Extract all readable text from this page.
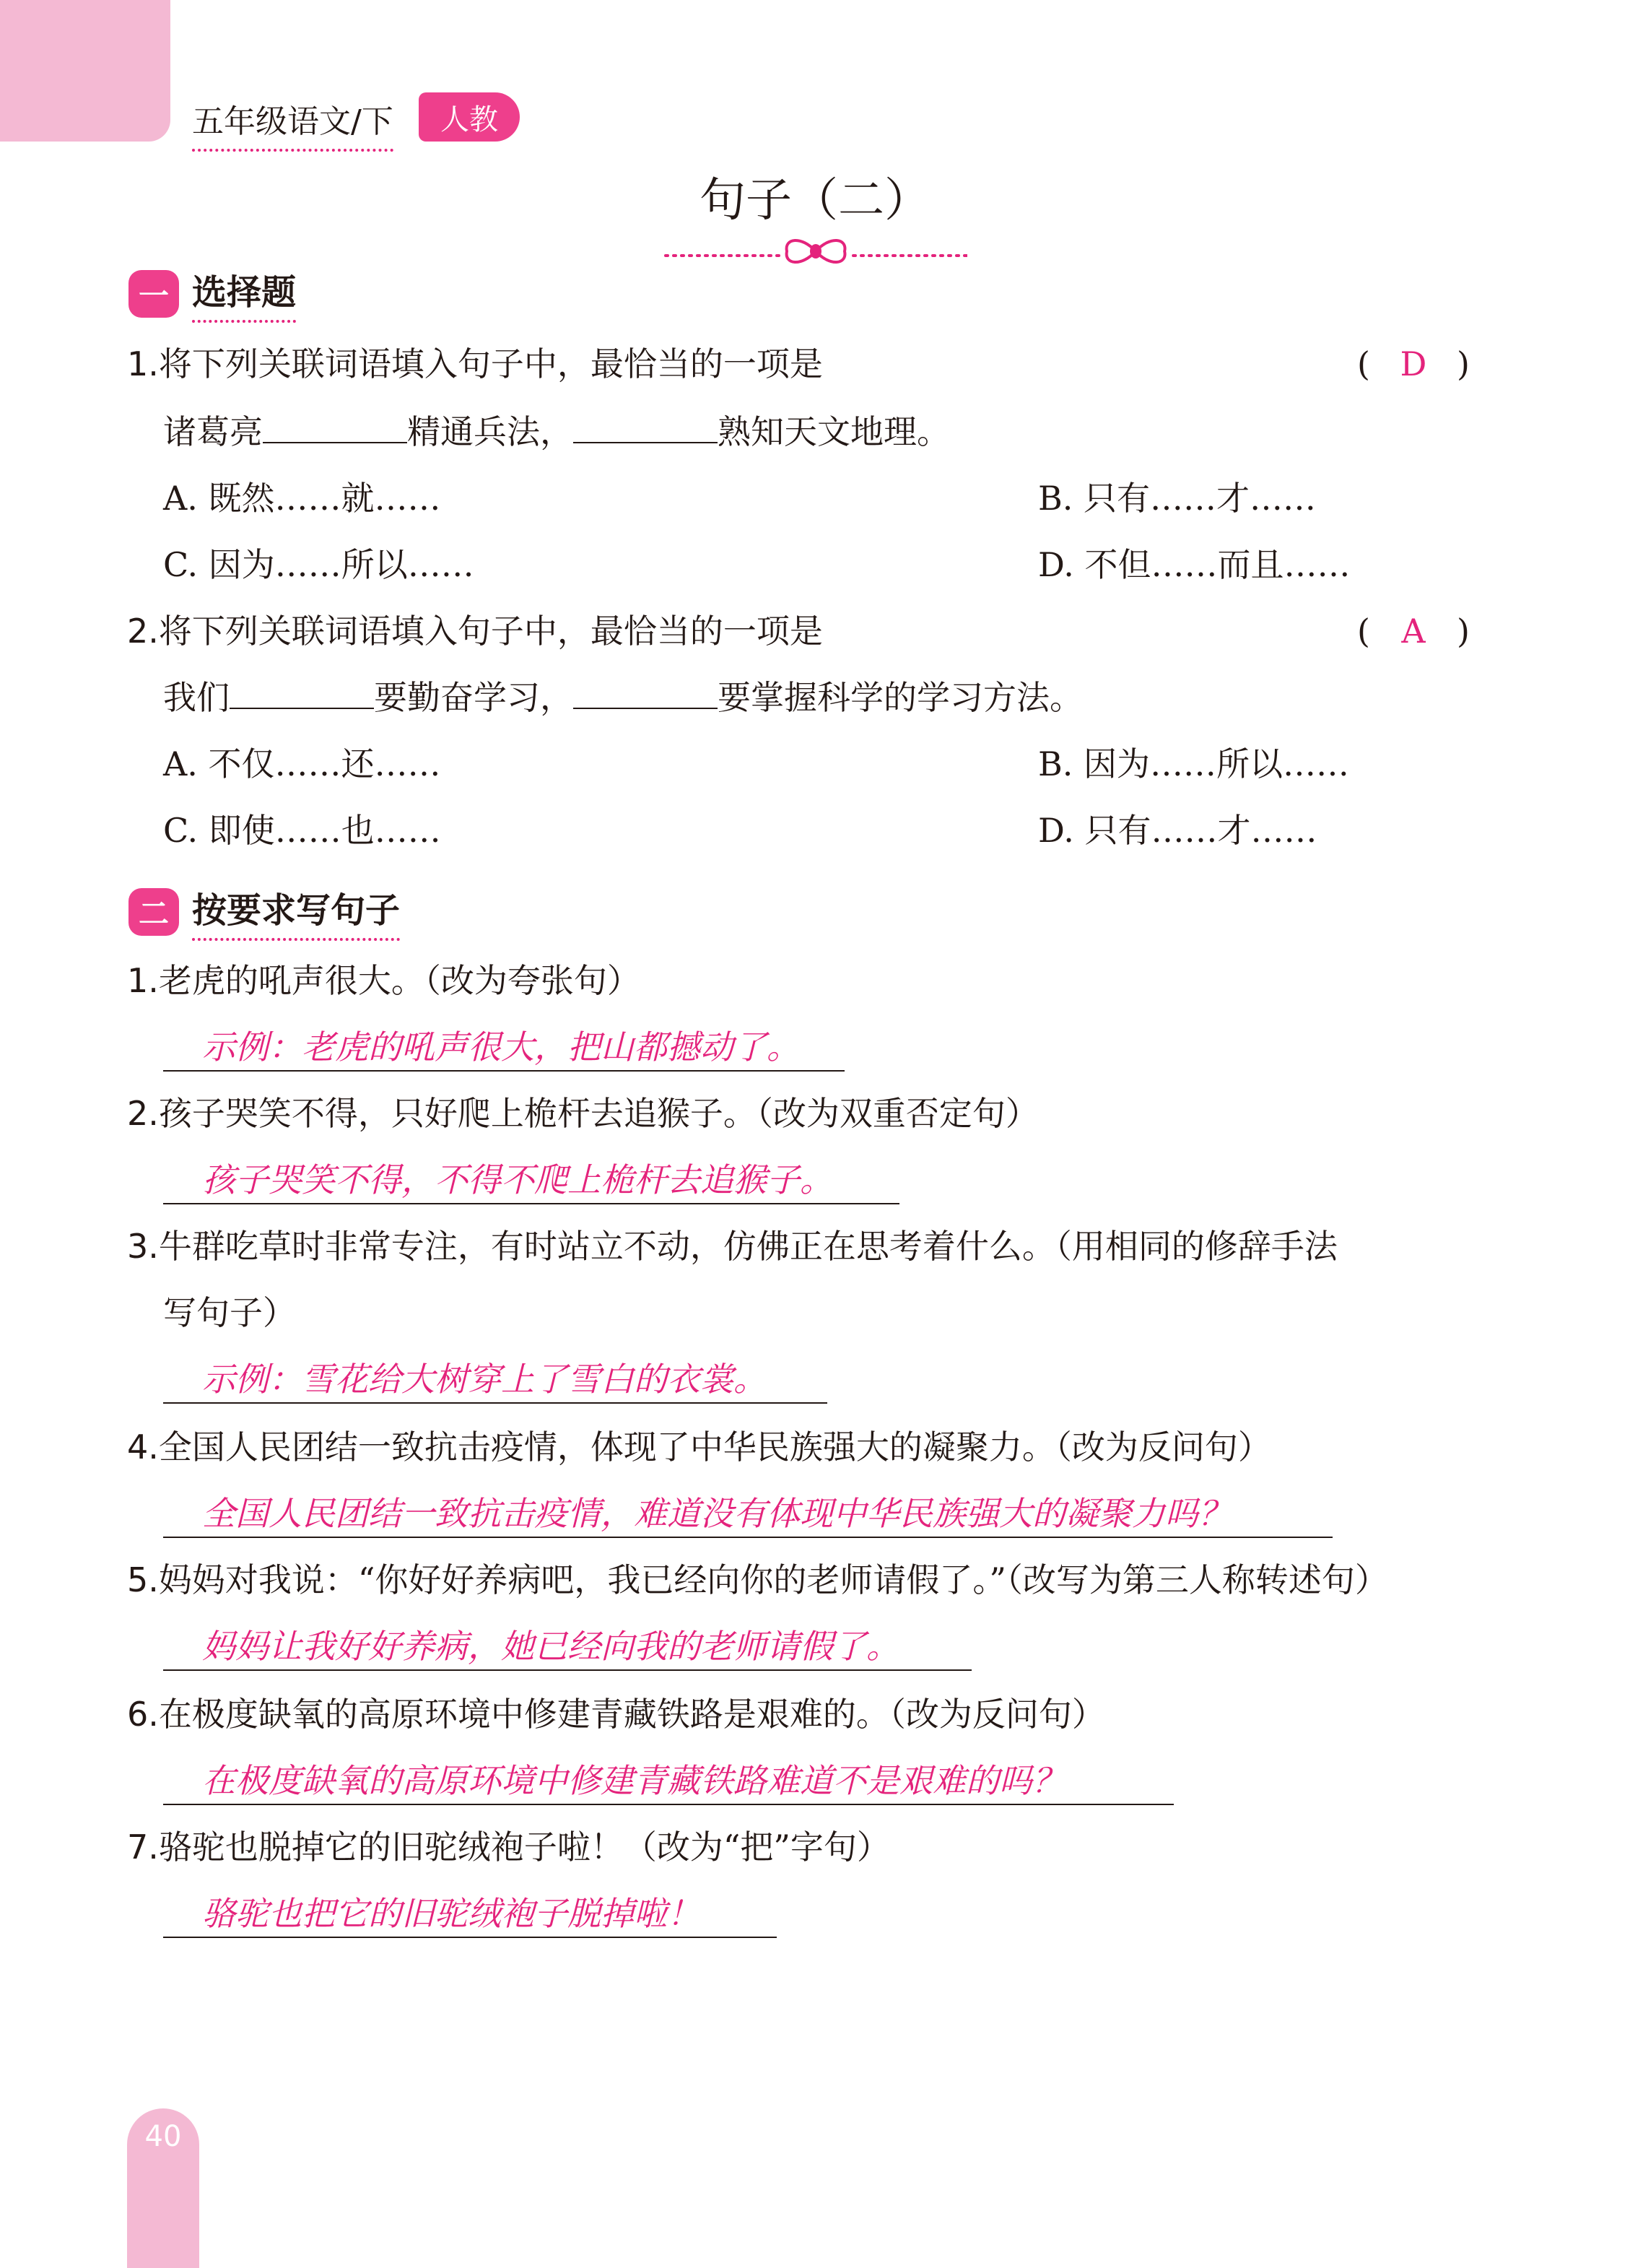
五年级语文/下	人教
句子（二）
一 选择题
1.将下列关联词语填入句子中，最恰当的一项是	( D )
诸葛亮	精通兵法，	熟知天文地理。
A. 既然……就……	B. 只有……才……
C. 因为……所以……	D. 不但……而且……
2.将下列关联词语填入句子中，最恰当的一项是	( A )
我们	要勤奋学习，	要掌握科学的学习方法。
A. 不仅……还……	B. 因为……所以……
C. 即使……也……	D. 只有……才……
二 按要求写句子
1.老虎的吼声很大。（改为夸张句）
示例：老虎的吼声很大，把山都撼动了。
2.孩子哭笑不得，只好爬上桅杆去追猴子。（改为双重否定句）
孩子哭笑不得，不得不爬上桅杆去追猴子。
3.牛群吃草时非常专注，有时站立不动，仿佛正在思考着什么。（用相同的修辞手法
写句子）
示例：雪花给大树穿上了雪白的衣裳。
4.全国人民团结一致抗击疫情，体现了中华民族强大的凝聚力。（改为反问句）
全国人民团结一致抗击疫情，难道没有体现中华民族强大的凝聚力吗？
5.妈妈对我说：“你好好养病吧，我已经向你的老师请假了。”（改写为第三人称转述句）
妈妈让我好好养病，她已经向我的老师请假了。
6.在极度缺氧的高原环境中修建青藏铁路是艰难的。（改为反问句）
在极度缺氧的高原环境中修建青藏铁路难道不是艰难的吗？
7.骆驼也脱掉它的旧驼绒袍子啦！（改为“把”字句）
骆驼也把它的旧驼绒袍子脱掉啦！
40
